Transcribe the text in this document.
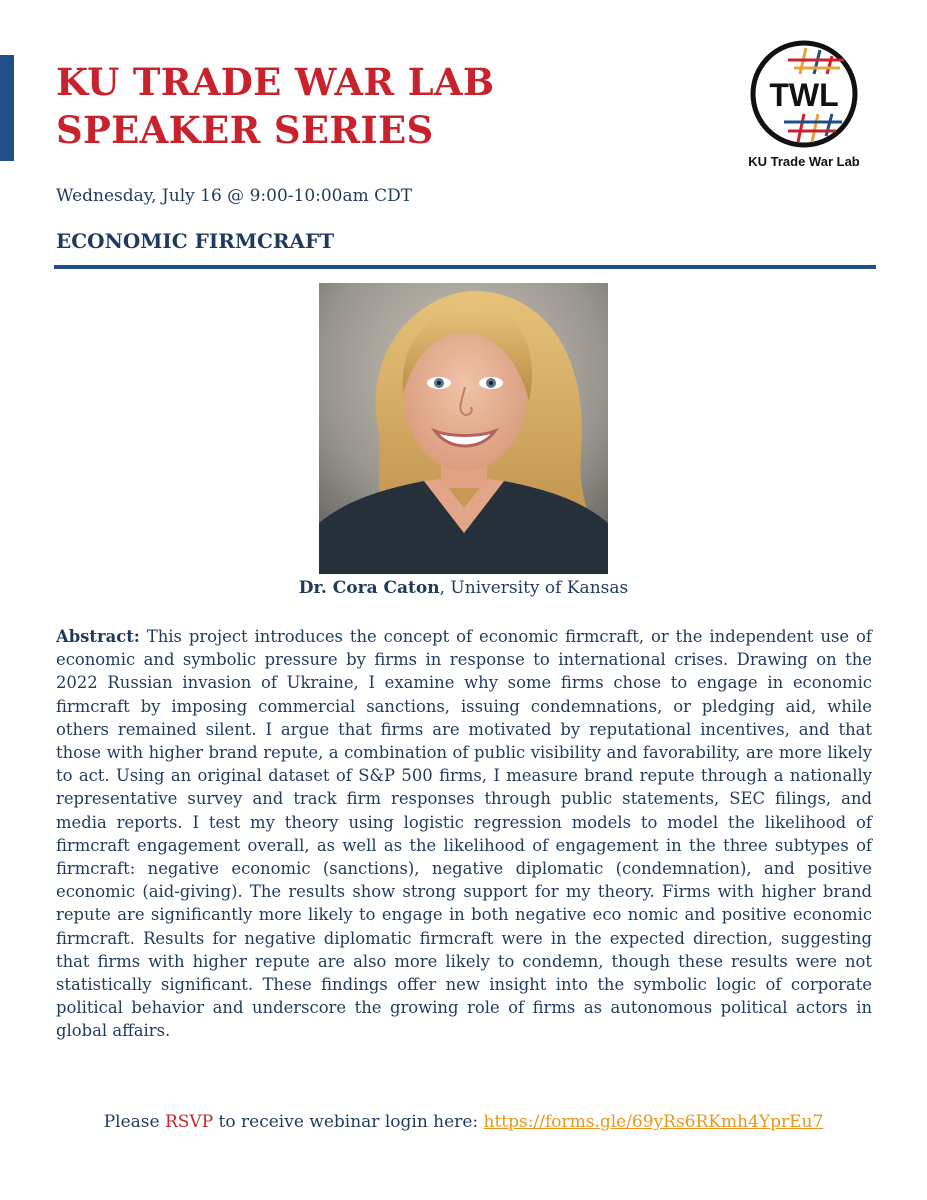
KU TRADE WAR LAB
SPEAKER SERIES
TWL
KU Trade War Lab
Wednesday, July 16 @ 9:00-10:00am CDT
ECONOMIC FIRMCRAFT
Dr. Cora Caton, University of Kansas

Abstract: This project introduces the concept of economic firmcraft, or the independent use of economic and symbolic pressure by firms in response to international crises. Drawing on the 2022 Russian invasion of Ukraine, I examine why some firms chose to engage in economic firmcraft by imposing commercial sanctions, issuing condemnations, or pledging aid, while others remained silent. I argue that firms are motivated by reputational incentives, and that those with higher brand repute, a combination of public visibility and favorability, are more likely to act. Using an original dataset of S&P 500 firms, I measure brand repute through a nationally representative survey and track firm responses through public statements, SEC filings, and media reports. I test my theory using logistic regression models to model the likelihood of firmcraft engagement overall, as well as the likelihood of engagement in the three subtypes of firmcraft: negative economic (sanctions), negative diplomatic (condemnation), and positive economic (aid-giving). The results show strong support for my theory. Firms with higher brand repute are significantly more likely to engage in both negative eco nomic and positive economic firmcraft. Results for negative diplomatic firmcraft were in the expected direction, suggesting that firms with higher repute are also more likely to condemn, though these results were not statistically significant. These findings offer new insight into the symbolic logic of corporate political behavior and underscore the growing role of firms as autonomous political actors in global affairs.

Please RSVP to receive webinar login here: https://forms.gle/69yRs6RKmh4YprEu7
